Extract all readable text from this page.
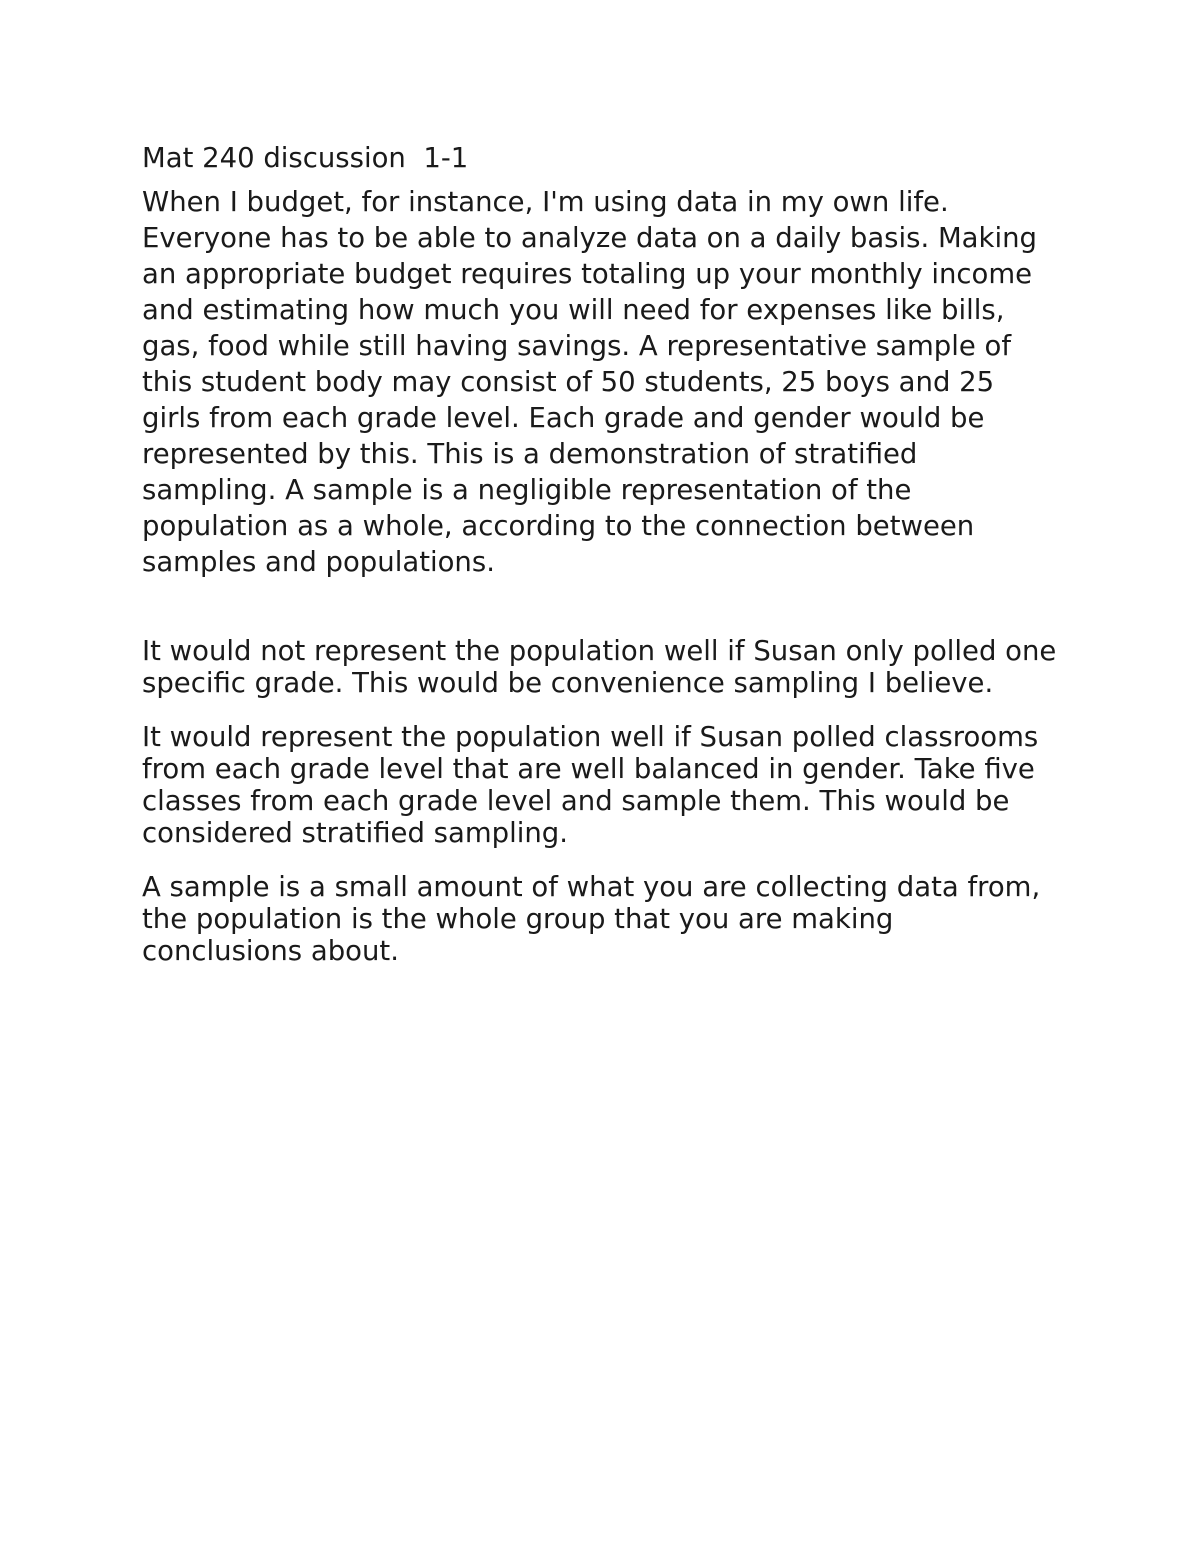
Mat 240 discussion  1-1

When I budget, for instance, I'm using data in my own life. Everyone has to be able to analyze data on a daily basis. Making an appropriate budget requires totaling up your monthly income and estimating how much you will need for expenses like bills, gas, food while still having savings. A representative sample of this student body may consist of 50 students, 25 boys and 25 girls from each grade level. Each grade and gender would be represented by this. This is a demonstration of stratified sampling. A sample is a negligible representation of the population as a whole, according to the connection between samples and populations.

It would not represent the population well if Susan only polled one specific grade. This would be convenience sampling I believe.

It would represent the population well if Susan polled classrooms from each grade level that are well balanced in gender. Take five classes from each grade level and sample them. This would be considered stratified sampling.

A sample is a small amount of what you are collecting data from, the population is the whole group that you are making conclusions about.
